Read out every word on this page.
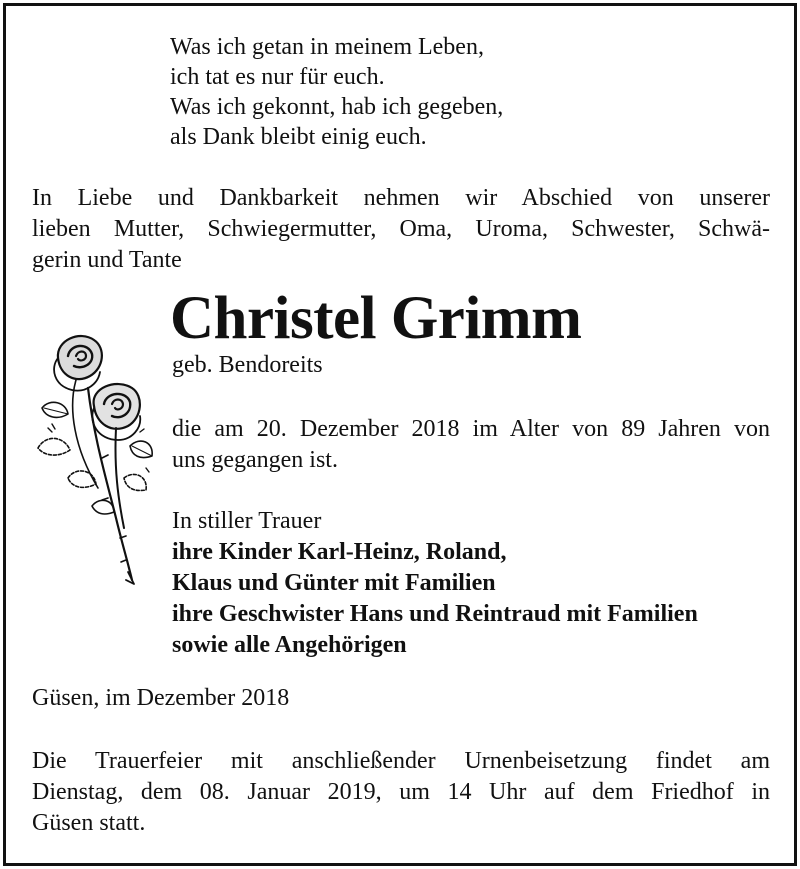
Was ich getan in meinem Leben,
ich tat es nur für euch.
Was ich gekonnt, hab ich gegeben,
als Dank bleibt einig euch.
In Liebe und Dankbarkeit nehmen wir Abschied von unserer
lieben Mutter, Schwiegermutter, Oma, Uroma, Schwester, Schwä-
gerin und Tante
Christel Grimm
geb. Bendoreits
die am 20. Dezember 2018 im Alter von 89 Jahren von
uns gegangen ist.
In stiller Trauer
ihre Kinder Karl-Heinz, Roland,
Klaus und Günter mit Familien
ihre Geschwister Hans und Reintraud mit Familien
sowie alle Angehörigen
Güsen, im Dezember 2018
Die Trauerfeier mit anschließender Urnenbeisetzung findet am
Dienstag, dem 08. Januar 2019, um 14 Uhr auf dem Friedhof in
Güsen statt.
